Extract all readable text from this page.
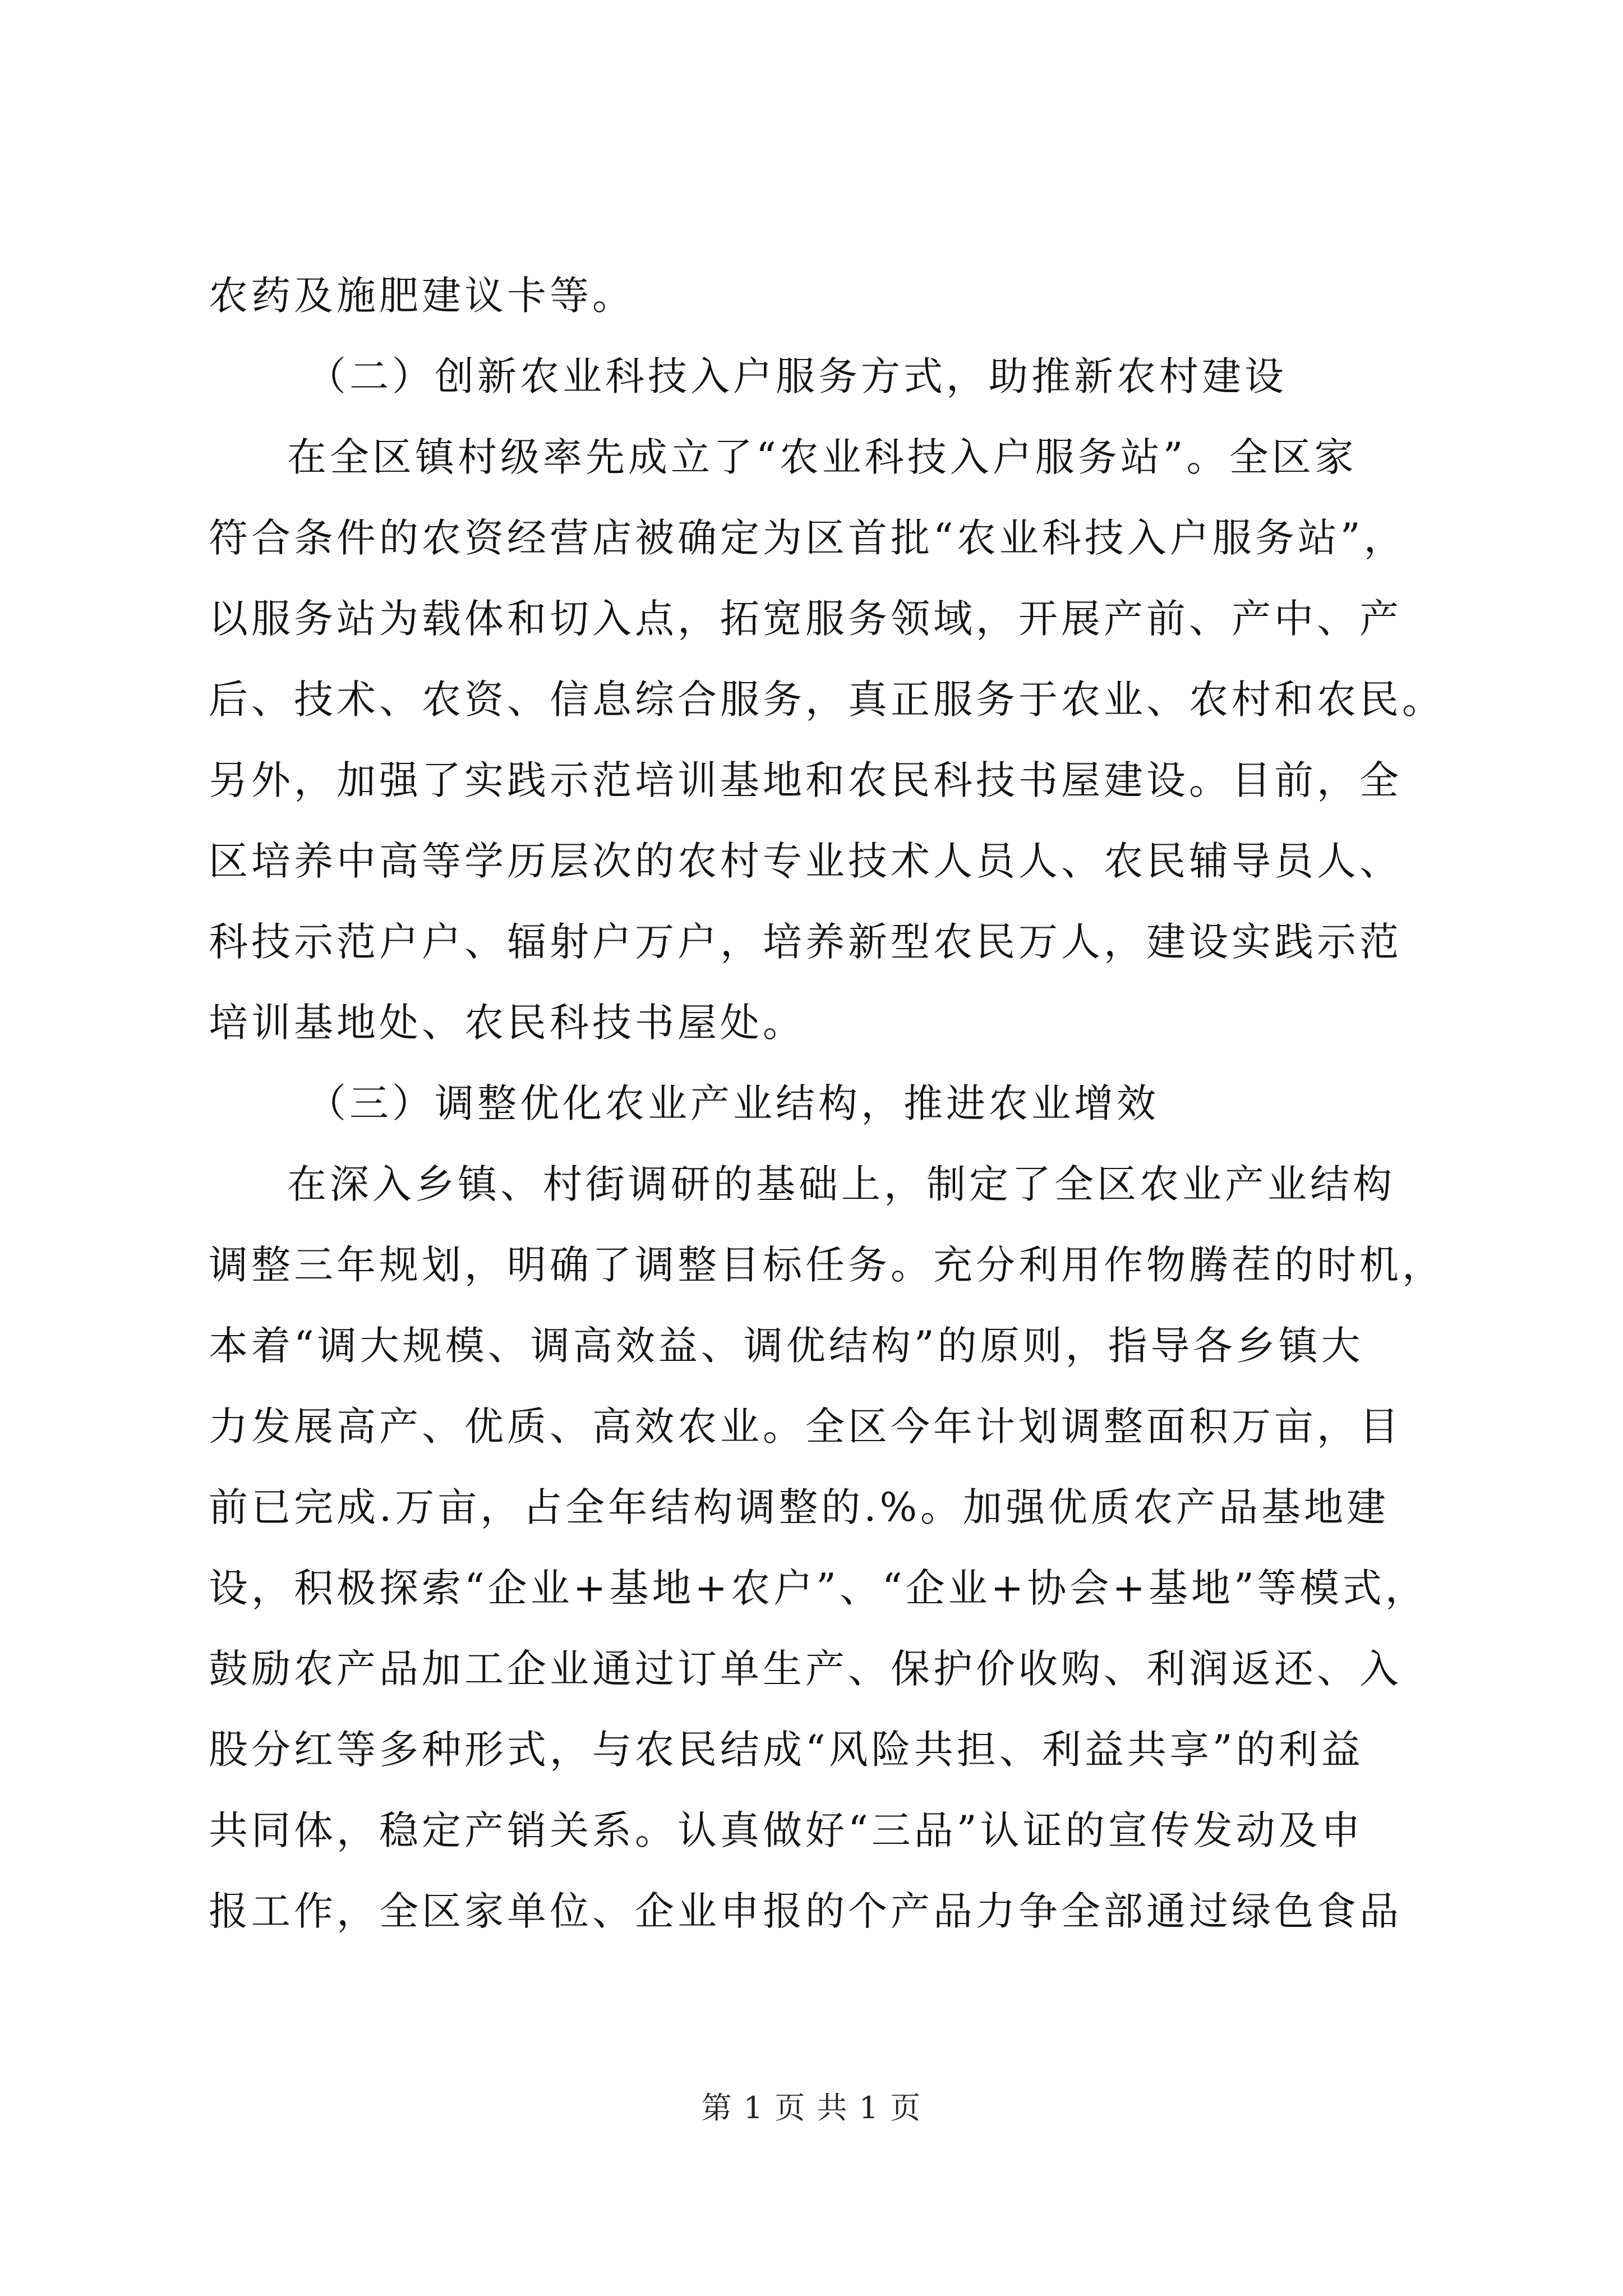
农药及施肥建议卡等。
（二）创新农业科技入户服务方式，助推新农村建设
在全区镇村级率先成立了“农业科技入户服务站”。全区家
符合条件的农资经营店被确定为区首批“农业科技入户服务站”，
以服务站为载体和切入点，拓宽服务领域，开展产前、产中、产
后、技术、农资、信息综合服务，真正服务于农业、农村和农民。
另外，加强了实践示范培训基地和农民科技书屋建设。目前，全
区培养中高等学历层次的农村专业技术人员人、农民辅导员人、
科技示范户户、辐射户万户，培养新型农民万人，建设实践示范
培训基地处、农民科技书屋处。
（三）调整优化农业产业结构，推进农业增效
在深入乡镇、村街调研的基础上，制定了全区农业产业结构
调整三年规划，明确了调整目标任务。充分利用作物腾茬的时机，
本着“调大规模、调高效益、调优结构”的原则，指导各乡镇大
力发展高产、优质、高效农业。全区今年计划调整面积万亩，目
前已完成.万亩，占全年结构调整的.%。加强优质农产品基地建
设，积极探索“企业+基地+农户”、“企业+协会+基地”等模式，
鼓励农产品加工企业通过订单生产、保护价收购、利润返还、入
股分红等多种形式，与农民结成“风险共担、利益共享”的利益
共同体，稳定产销关系。认真做好“三品”认证的宣传发动及申
报工作，全区家单位、企业申报的个产品力争全部通过绿色食品
第 1 页 共 1 页
